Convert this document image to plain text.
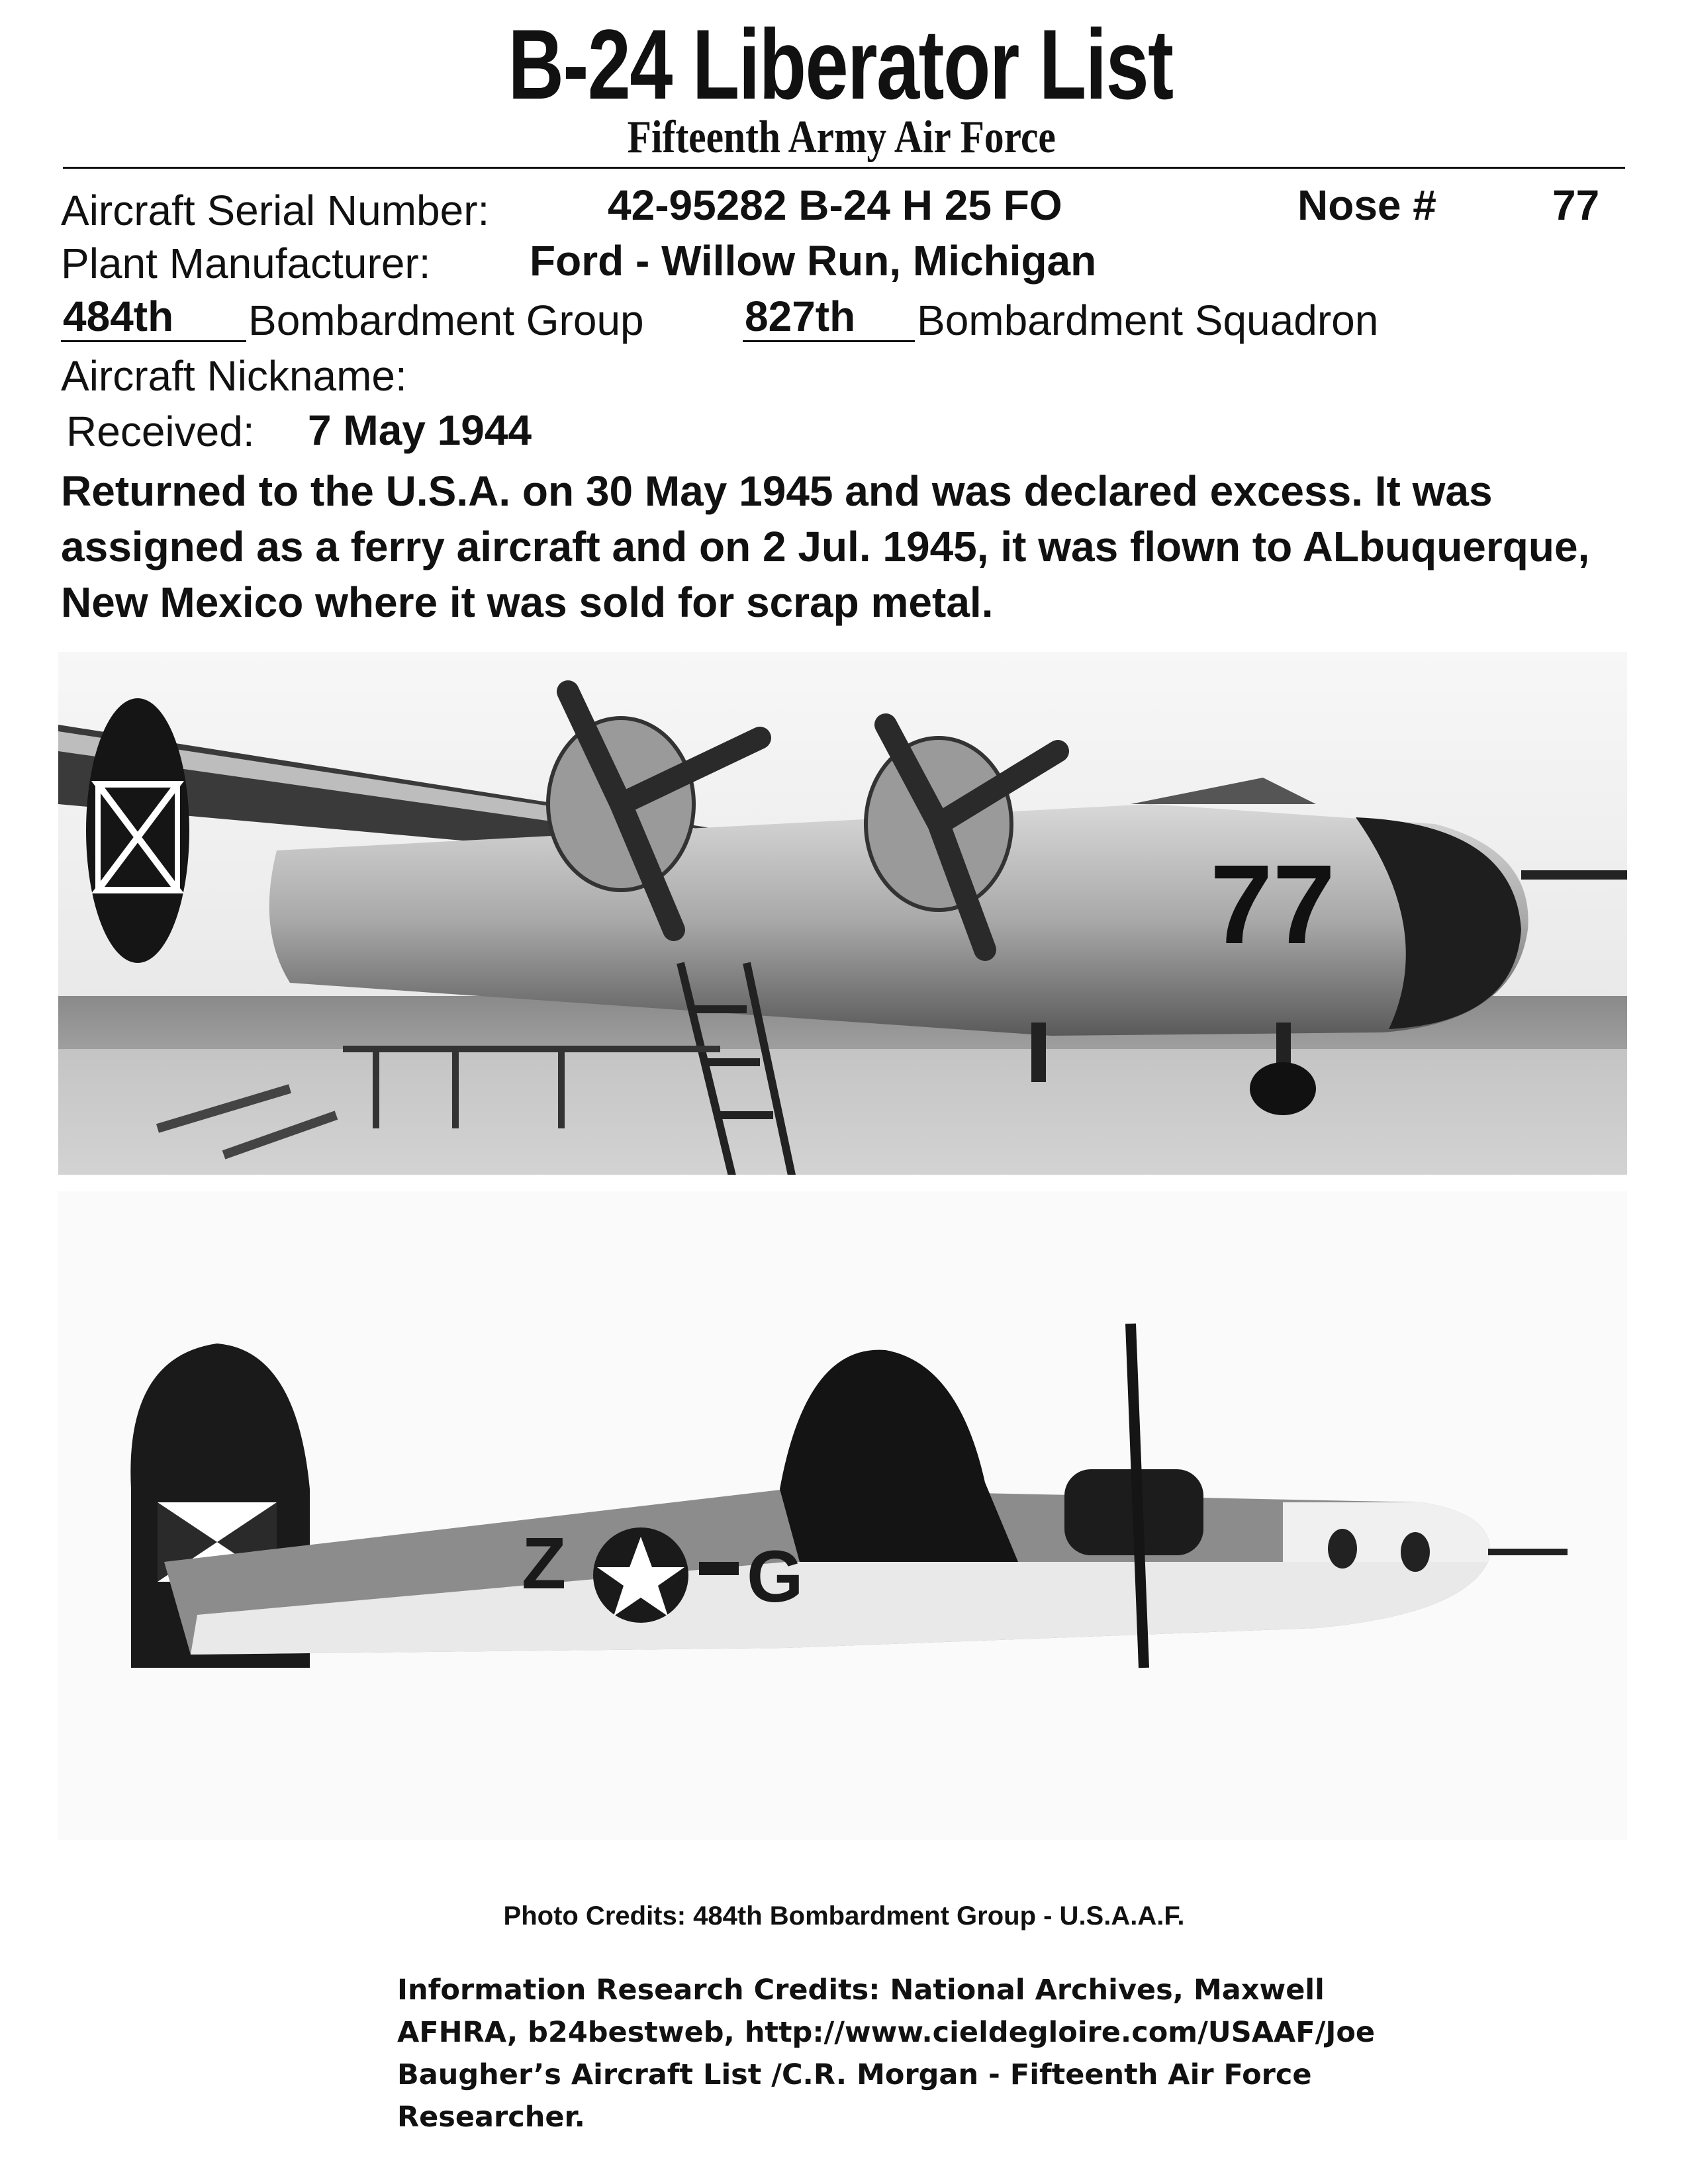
B-24 Liberator List
Fifteenth Army Air Force
Aircraft Serial Number:	42-95282 B-24 H 25 FO	Nose #	77
Plant Manufacturer: Ford - Willow Run, Michigan
484th Bombardment Group 827th Bombardment Squadron
Aircraft Nickname:
Received: 7 May 1944
Returned to the U.S.A. on 30 May 1945 and was declared excess. It was assigned as a ferry aircraft and on 2 Jul. 1945, it was flown to ALbuquerque, New Mexico where it was sold for scrap metal.
77
Z G
Photo Credits: 484th Bombardment Group - U.S.A.A.F.
Information Research Credits: National Archives, Maxwell AFHRA, b24bestweb, http://www.cieldegloire.com/USAAF/Joe Baugher’s Aircraft List /C.R. Morgan - Fifteenth Air Force Researcher.
